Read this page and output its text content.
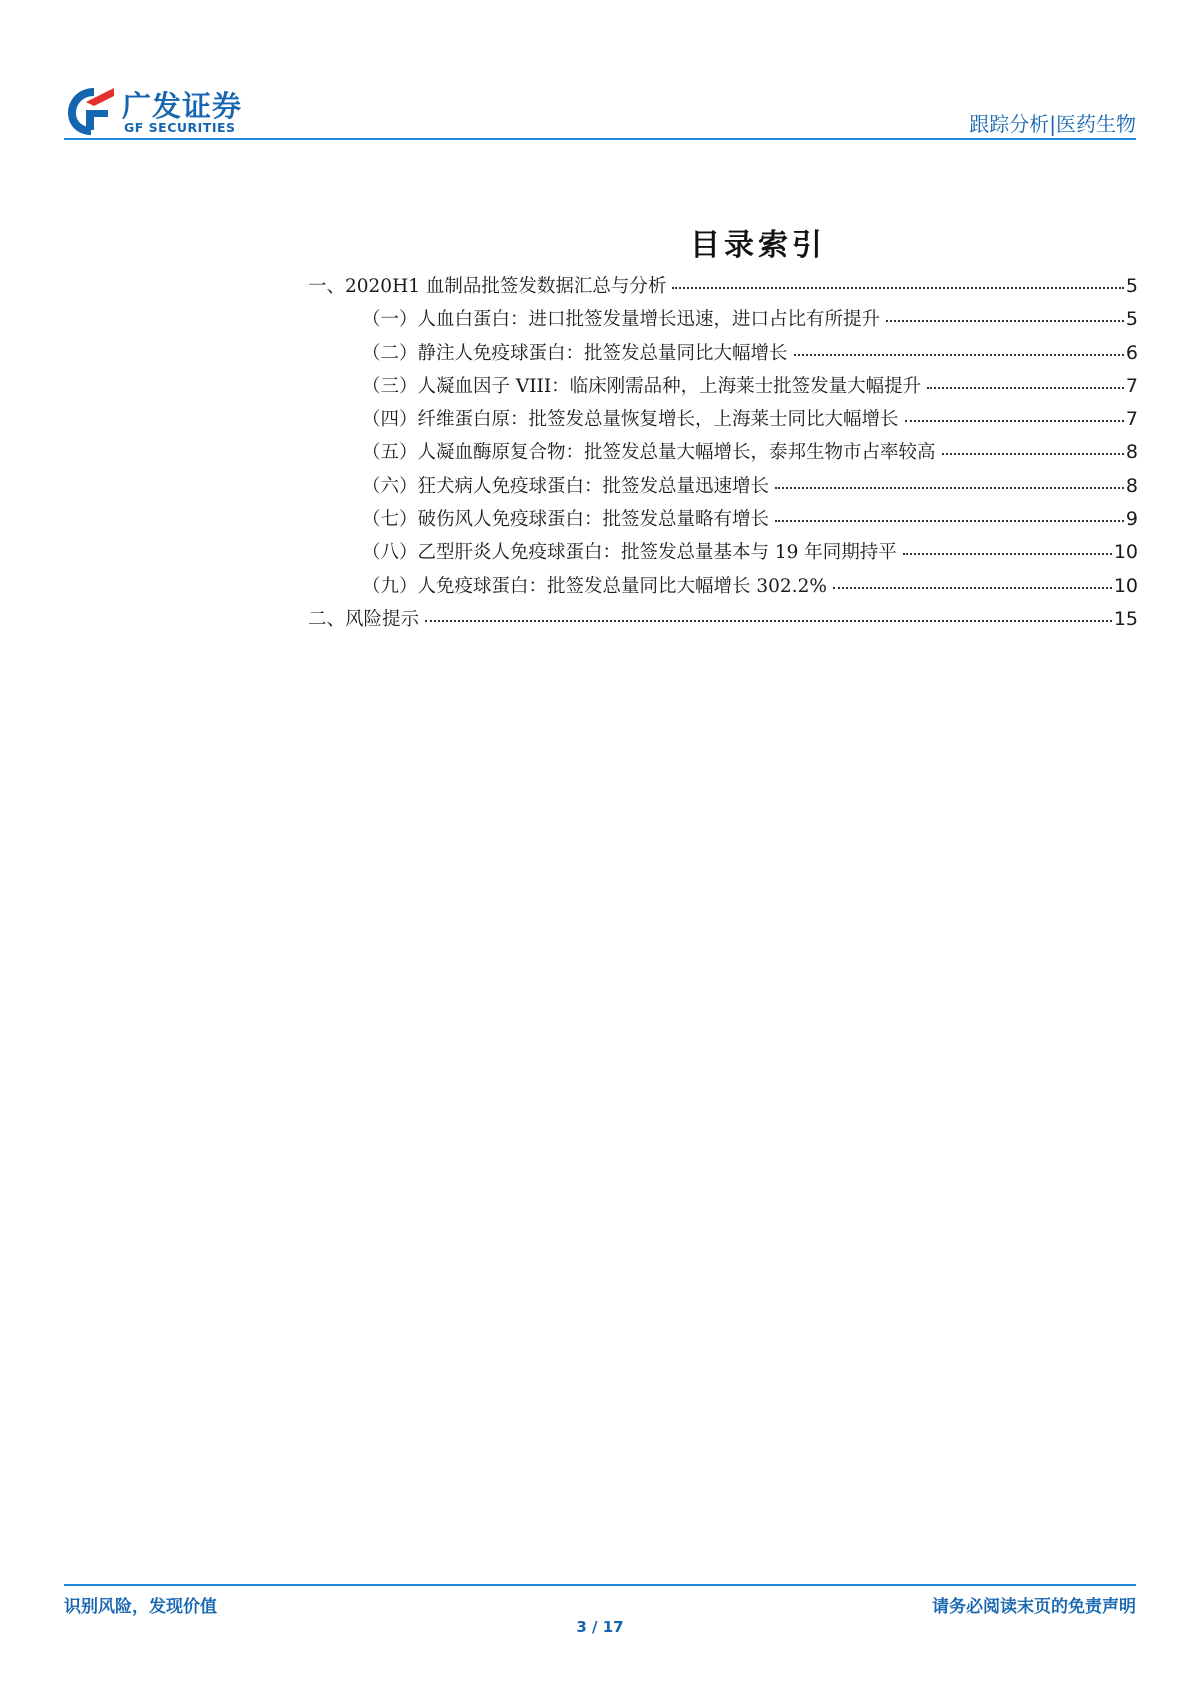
广发证券
GF SECURITIES	跟踪分析|医药生物
目录索引
一、2020H1 血制品批签发数据汇总与分析	5
（一）人血白蛋白：进口批签发量增长迅速，进口占比有所提升	5
（二）静注人免疫球蛋白：批签发总量同比大幅增长	6
（三）人凝血因子 VIII：临床刚需品种，上海莱士批签发量大幅提升	7
（四）纤维蛋白原：批签发总量恢复增长，上海莱士同比大幅增长	7
（五）人凝血酶原复合物：批签发总量大幅增长，泰邦生物市占率较高	8
（六）狂犬病人免疫球蛋白：批签发总量迅速增长	8
（七）破伤风人免疫球蛋白：批签发总量略有增长	9
（八）乙型肝炎人免疫球蛋白：批签发总量基本与 19 年同期持平	10
（九）人免疫球蛋白：批签发总量同比大幅增长 302.2%	10
二、风险提示	15
识别风险，发现价值	请务必阅读末页的免责声明
3 / 17
